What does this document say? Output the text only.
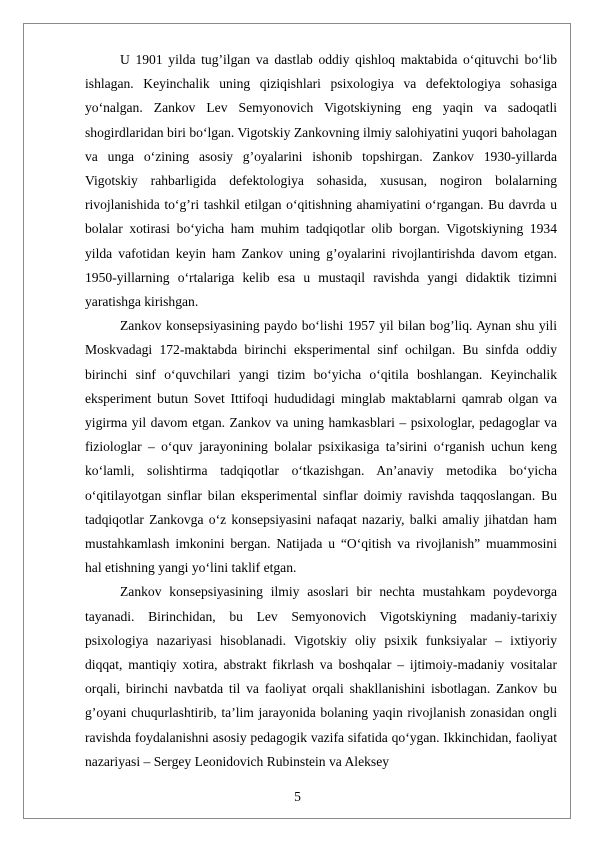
U 1901 yilda tug’ilgan va dastlab oddiy qishloq maktabida o‘qituvchi bo‘lib ishlagan. Keyinchalik uning qiziqishlari psixologiya va defektologiya sohasiga yo‘nalgan. Zankov Lev Semyonovich Vigotskiyning eng yaqin va sadoqatli shogirdlaridan biri bo‘lgan. Vigotskiy Zankovning ilmiy salohiyatini yuqori baholagan va unga o‘zining asosiy g’oyalarini ishonib topshirgan. Zankov 1930-yillarda Vigotskiy rahbarligida defektologiya sohasida, xususan, nogiron bolalarning rivojlanishida to‘g’ri tashkil etilgan o‘qitishning ahamiyatini o‘rgangan. Bu davrda u bolalar xotirasi bo‘yicha ham muhim tadqiqotlar olib borgan. Vigotskiyning 1934 yilda vafotidan keyin ham Zankov uning g’oyalarini rivojlantirishda davom etgan. 1950-yillarning o‘rtalariga kelib esa u mustaqil ravishda yangi didaktik tizimni yaratishga kirishgan.

Zankov konsepsiyasining paydo bo‘lishi 1957 yil bilan bog’liq. Aynan shu yili Moskvadagi 172-maktabda birinchi eksperimental sinf ochilgan. Bu sinfda oddiy birinchi sinf o‘quvchilari yangi tizim bo‘yicha o‘qitila boshlangan. Keyinchalik eksperiment butun Sovet Ittifoqi hududidagi minglab maktablarni qamrab olgan va yigirma yil davom etgan. Zankov va uning hamkasblari – psixologlar, pedagoglar va fiziologlar – o‘quv jarayonining bolalar psixikasiga ta’sirini o‘rganish uchun keng ko‘lamli, solishtirma tadqiqotlar o‘tkazishgan. An’anaviy metodika bo‘yicha o‘qitilayotgan sinflar bilan eksperimental sinflar doimiy ravishda taqqoslangan. Bu tadqiqotlar Zankovga o‘z konsepsiyasini nafaqat nazariy, balki amaliy jihatdan ham mustahkamlash imkonini bergan. Natijada u “O‘qitish va rivojlanish” muammosini hal etishning yangi yo‘lini taklif etgan.

Zankov konsepsiyasining ilmiy asoslari bir nechta mustahkam poydevorga tayanadi. Birinchidan, bu Lev Semyonovich Vigotskiyning madaniy-tarixiy psixologiya nazariyasi hisoblanadi. Vigotskiy oliy psixik funksiyalar – ixtiyoriy diqqat, mantiqiy xotira, abstrakt fikrlash va boshqalar – ijtimoiy-madaniy vositalar orqali, birinchi navbatda til va faoliyat orqali shakllanishini isbotlagan. Zankov bu g’oyani chuqurlashtirib, ta’lim jarayonida bolaning yaqin rivojlanish zonasidan ongli ravishda foydalanishni asosiy pedagogik vazifa sifatida qo‘ygan. Ikkinchidan, faoliyat nazariyasi – Sergey Leonidovich Rubinstein va Aleksey

5
